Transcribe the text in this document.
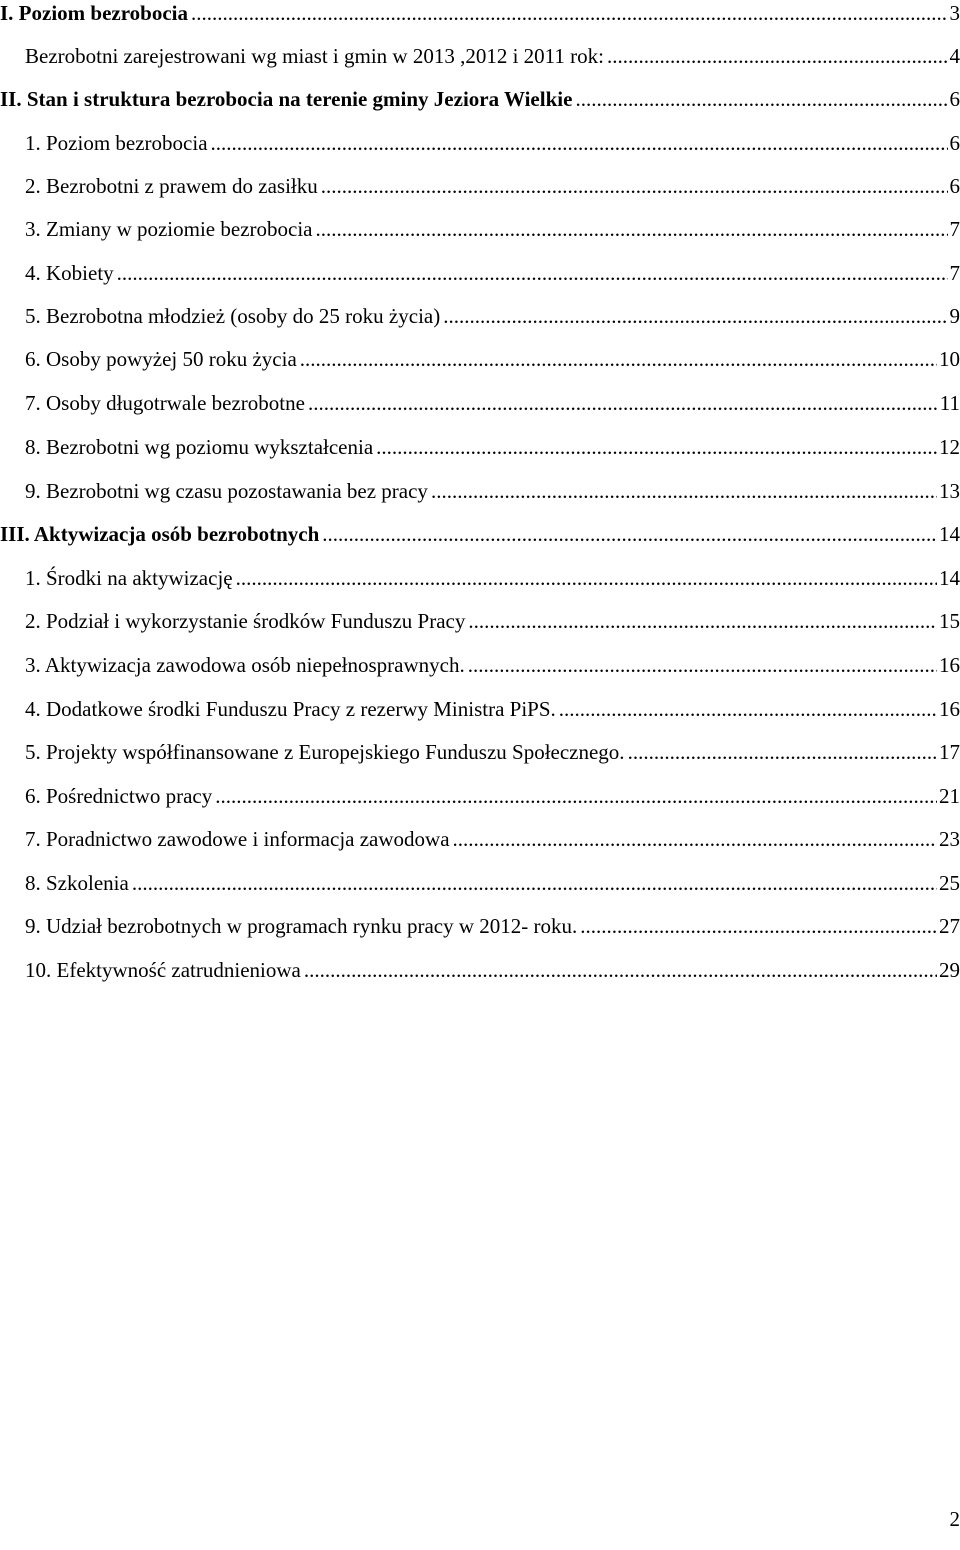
I. Poziom bezrobocia .....	3
Bezrobotni zarejestrowani wg miast i gmin w 2013 ,2012 i 2011 rok: .....	4
II. Stan i struktura bezrobocia na terenie gminy Jeziora Wielkie .....	6
1. Poziom bezrobocia .....	6
2. Bezrobotni z prawem do zasiłku .....	6
3. Zmiany w poziomie bezrobocia .....	7
4. Kobiety .....	7
5. Bezrobotna młodzież (osoby do 25 roku życia) .....	9
6. Osoby powyżej 50 roku życia .....	10
7. Osoby długotrwale bezrobotne .....	11
8. Bezrobotni wg poziomu wykształcenia .....	12
9. Bezrobotni wg czasu pozostawania bez pracy .....	13
III. Aktywizacja osób bezrobotnych .....	14
1. Środki na aktywizację .....	14
2. Podział i wykorzystanie środków Funduszu Pracy .....	15
3. Aktywizacja zawodowa osób niepełnosprawnych. .....	16
4. Dodatkowe środki Funduszu Pracy z rezerwy Ministra PiPS. .....	16
5. Projekty współfinansowane z Europejskiego Funduszu Społecznego. .....	17
6. Pośrednictwo pracy .....	21
7. Poradnictwo zawodowe i informacja zawodowa .....	23
8. Szkolenia .....	25
9. Udział bezrobotnych w programach rynku pracy w 2012- roku. .....	27
10. Efektywność zatrudnieniowa .....	29
2
